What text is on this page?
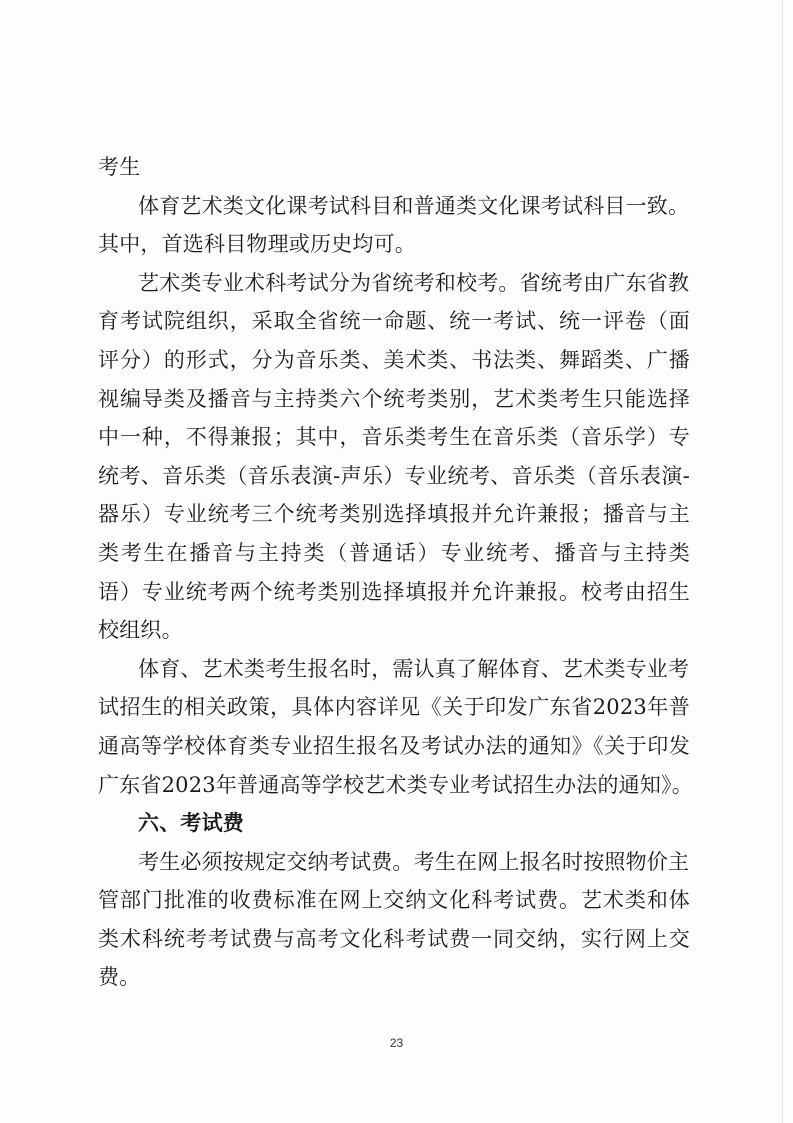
考生
体育艺术类文化课考试科目和普通类文化课考试科目一致。
其中，首选科目物理或历史均可。
艺术类专业术科考试分为省统考和校考。省统考由广东省教
育考试院组织，采取全省统一命题、统一考试、统一评卷（面
评分）的形式，分为音乐类、美术类、书法类、舞蹈类、广播
视编导类及播音与主持类六个统考类别，艺术类考生只能选择
中一种，不得兼报；其中，音乐类考生在音乐类（音乐学）专
统考、音乐类（音乐表演-声乐）专业统考、音乐类（音乐表演-
器乐）专业统考三个统考类别选择填报并允许兼报；播音与主
类考生在播音与主持类（普通话）专业统考、播音与主持类
语）专业统考两个统考类别选择填报并允许兼报。校考由招生
校组织。
体育、艺术类考生报名时，需认真了解体育、艺术类专业考
试招生的相关政策，具体内容详见《关于印发广东省2023年普
通高等学校体育类专业招生报名及考试办法的通知》《关于印发
广东省2023年普通高等学校艺术类专业考试招生办法的通知》。
六、考试费
考生必须按规定交纳考试费。考生在网上报名时按照物价主
管部门批准的收费标准在网上交纳文化科考试费。艺术类和体
类术科统考考试费与高考文化科考试费一同交纳，实行网上交
费。
23
